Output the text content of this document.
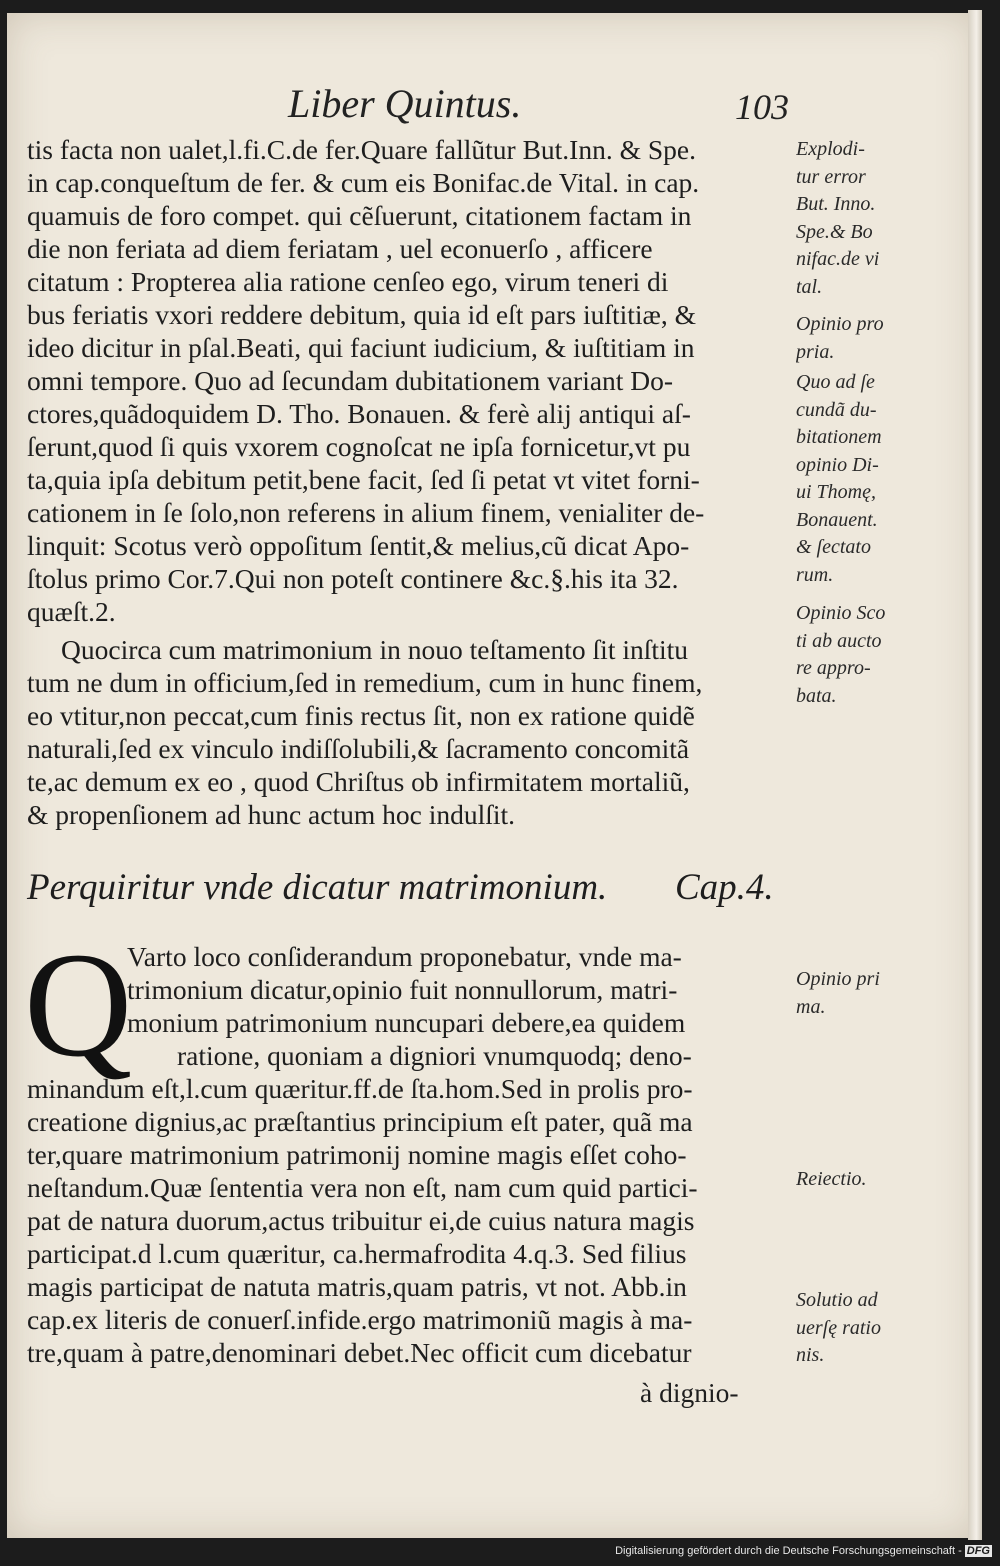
Liber Quintus.	103
tis facta non ualet,l.fi.C.de fer.Quare fallũtur But.Inn. & Spe.
in cap.conqueſtum de fer. & cum eis Bonifac.de Vital. in cap.
quamuis de foro compet. qui cẽſuerunt, citationem factam in
die non feriata ad diem feriatam , uel econuerſo , afficere
citatum : Propterea alia ratione cenſeo ego, virum teneri di
bus feriatis vxori reddere debitum, quia id eſt pars iuſtitiæ, &
ideo dicitur in pſal.Beati, qui faciunt iudicium, & iuſtitiam in
omni tempore. Quo ad ſecundam dubitationem variant Do-
ctores,quãdoquidem D. Tho. Bonauen. & ferè alij antiqui aſ-
ſerunt,quod ſi quis vxorem cognoſcat ne ipſa fornicetur,vt pu
ta,quia ipſa debitum petit,bene facit, ſed ſi petat vt vitet forni-
cationem in ſe ſolo,non referens in alium finem, venialiter de-
linquit: Scotus verò oppoſitum ſentit,& melius,cũ dicat Apo-
ſtolus primo Cor.7.Qui non poteſt continere &c.§.his ita 32.
quæſt.2.
Quocirca cum matrimonium in nouo teſtamento ſit inſtitu
tum ne dum in officium,ſed in remedium, cum in hunc finem,
eo vtitur,non peccat,cum finis rectus ſit, non ex ratione quidẽ
naturali,ſed ex vinculo indiſſolubili,& ſacramento concomitã
te,ac demum ex eo , quod Chriſtus ob infirmitatem mortaliũ,
& propenſionem ad hunc actum hoc indulſit.
Perquiritur vnde dicatur matrimonium. Cap.4.
Q
Varto loco conſiderandum proponebatur, vnde ma-
trimonium dicatur,opinio fuit nonnullorum, matri-
monium patrimonium nuncupari debere,ea quidem
ratione, quoniam a digniori vnumquodq; deno-
minandum eſt,l.cum quæritur.ff.de ſta.hom.Sed in prolis pro-
creatione dignius,ac præſtantius principium eſt pater, quã ma
ter,quare matrimonium patrimonij nomine magis eſſet coho-
neſtandum.Quæ ſententia vera non eſt, nam cum quid partici-
pat de natura duorum,actus tribuitur ei,de cuius natura magis
participat.d l.cum quæritur, ca.hermafrodita 4.q.3. Sed filius
magis participat de natuta matris,quam patris, vt not. Abb.in
cap.ex literis de conuerſ.infide.ergo matrimoniũ magis à ma-
tre,quam à patre,denominari debet.Nec officit cum dicebatur
à dignio-
Explodi-
tur error
But. Inno.
Spe.& Bo
nifac.de vi
tal.
Opinio pro
pria.
Quo ad ſe
cundã du-
bitationem
opinio Di-
ui Thomę,
Bonauent.
& ſectato
rum.
Opinio Sco
ti ab aucto
re appro-
bata.
Opinio pri
ma.
Reiectio.
Solutio ad
uerſę ratio
nis.
Digitalisierung gefördert durch die Deutsche Forschungsgemeinschaft - DFG
